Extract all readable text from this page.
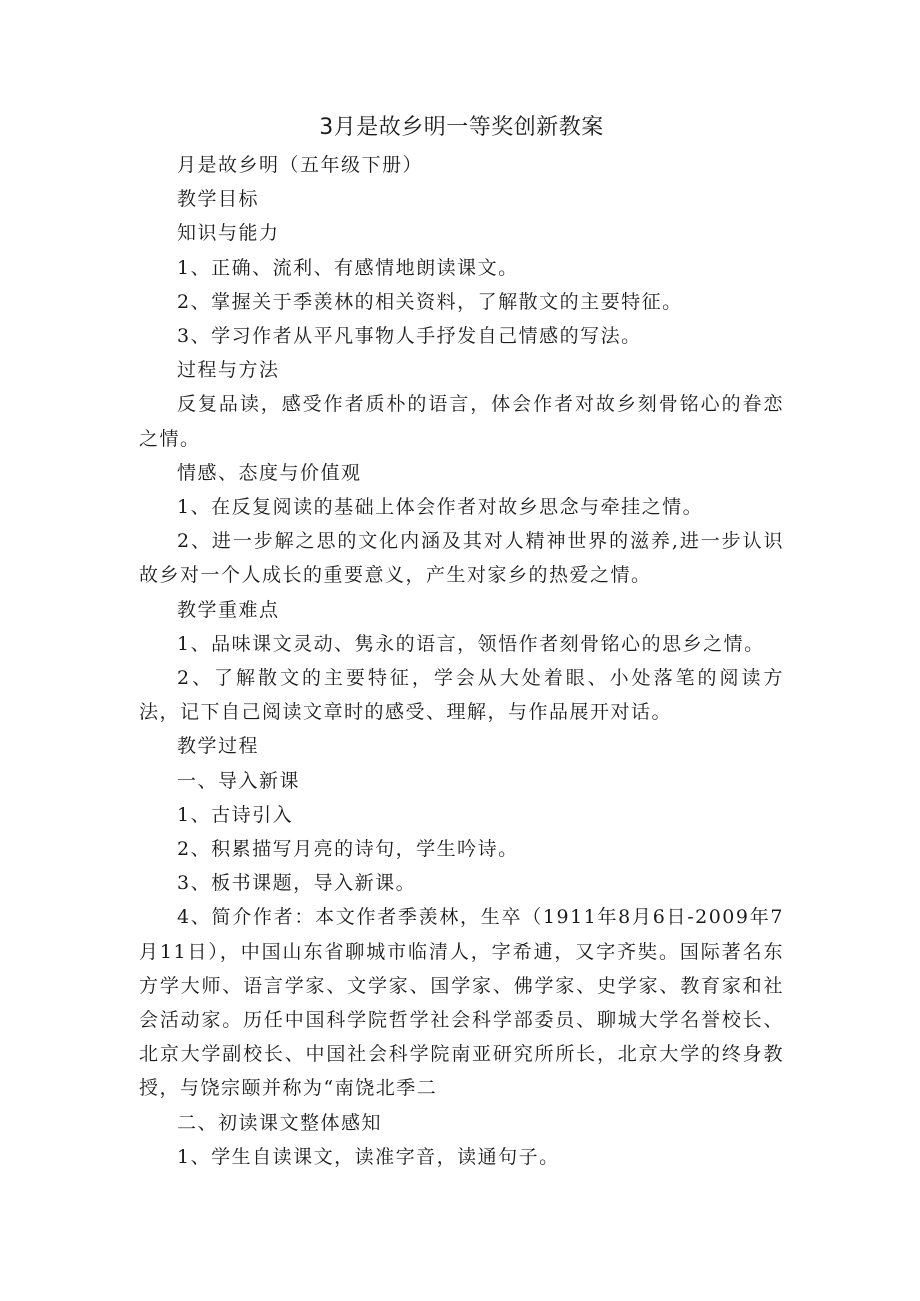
3月是故乡明一等奖创新教案

月是故乡明（五年级下册）

教学目标

知识与能力

1、正确、流利、有感情地朗读课文。

2、掌握关于季羡林的相关资料，了解散文的主要特征。

3、学习作者从平凡事物人手抒发自己情感的写法。

过程与方法

反复品读，感受作者质朴的语言，体会作者对故乡刻骨铭心的眷恋之情。

情感、态度与价值观

1、在反复阅读的基础上体会作者对故乡思念与牵挂之情。

2、进一步解之思的文化内涵及其对人精神世界的滋养,进一步认识故乡对一个人成长的重要意义，产生对家乡的热爱之情。

教学重难点

1、品味课文灵动、隽永的语言，领悟作者刻骨铭心的思乡之情。

2、了解散文的主要特征，学会从大处着眼、小处落笔的阅读方法，记下自己阅读文章时的感受、理解，与作品展开对话。

教学过程

一、导入新课

1、古诗引入

2、积累描写月亮的诗句，学生吟诗。

3、板书课题，导入新课。

4、简介作者：本文作者季羡林，生卒（1911年8月6日-2009年7月11日），中国山东省聊城市临清人，字希逋，又字齐奘。国际著名东方学大师、语言学家、文学家、国学家、佛学家、史学家、教育家和社会活动家。历任中国科学院哲学社会科学部委员、聊城大学名誉校长、北京大学副校长、中国社会科学院南亚研究所所长，北京大学的终身教授，与饶宗颐并称为“南饶北季二

二、初读课文整体感知

1、学生自读课文，读准字音，读通句子。
